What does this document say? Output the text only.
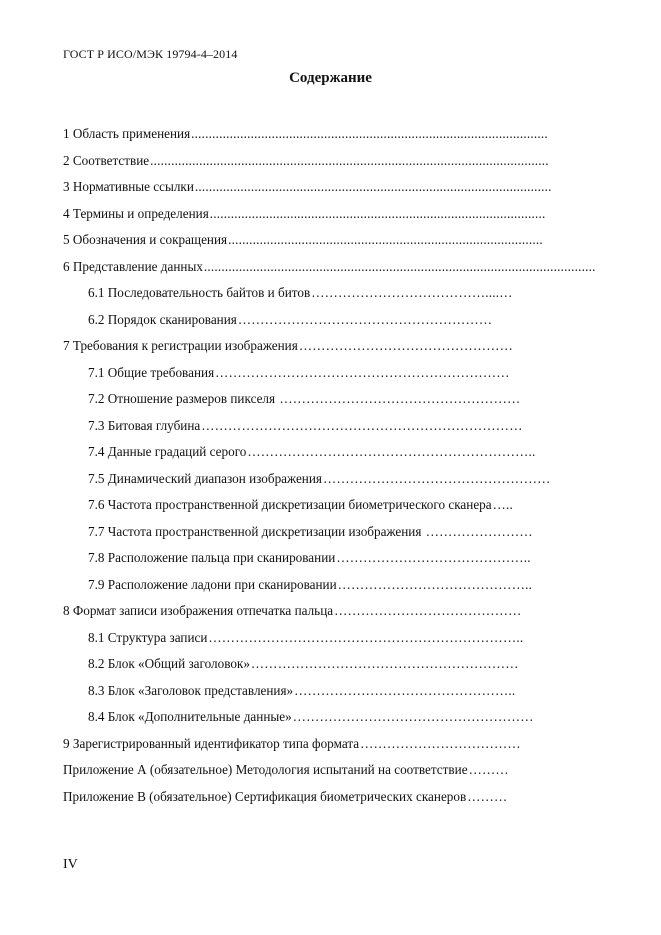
ГОСТ Р ИСО/МЭК 19794-4–2014
Содержание
1 Область применения......................................................................................................
2 Соответствие..................................................................................................................
3 Нормативные ссылки......................................................................................................
4 Термины и определения................................................................................................
5 Обозначения и сокращения..........................................................................................
6 Представление данных................................................................................................................
6.1 Последовательность байтов и битов…………………………………....…
6.2 Порядок сканирования…………………………………………………
7 Требования к регистрации изображения…………………………………………
7.1 Общие требования…………………………………………………………
7.2 Отношение размеров пикселя ………………………………………………
7.3 Битовая глубина………………………………………………………………
7.4 Данные градаций серого………………………………………………………..
7.5 Динамический диапазон изображения……………………………………………
7.6 Частота пространственной дискретизации биометрического сканера…..
7.7 Частота пространственной дискретизации изображения ……………………
7.8 Расположение пальца при сканировании……………………………………..
7.9 Расположение ладони при сканировании……………………………………..
8 Формат записи изображения отпечатка пальца……………………………………
8.1 Структура записи……………………………………………………………..
8.2 Блок «Общий заголовок»……………………………………………………
8.3 Блок «Заголовок представления»…………………………………………..
8.4 Блок «Дополнительные данные»………………………………………………
9 Зарегистрированный идентификатор типа формата………………………………
Приложение А (обязательное) Методология испытаний на соответствие………
Приложение В (обязательное) Сертификация биометрических сканеров………
IV
